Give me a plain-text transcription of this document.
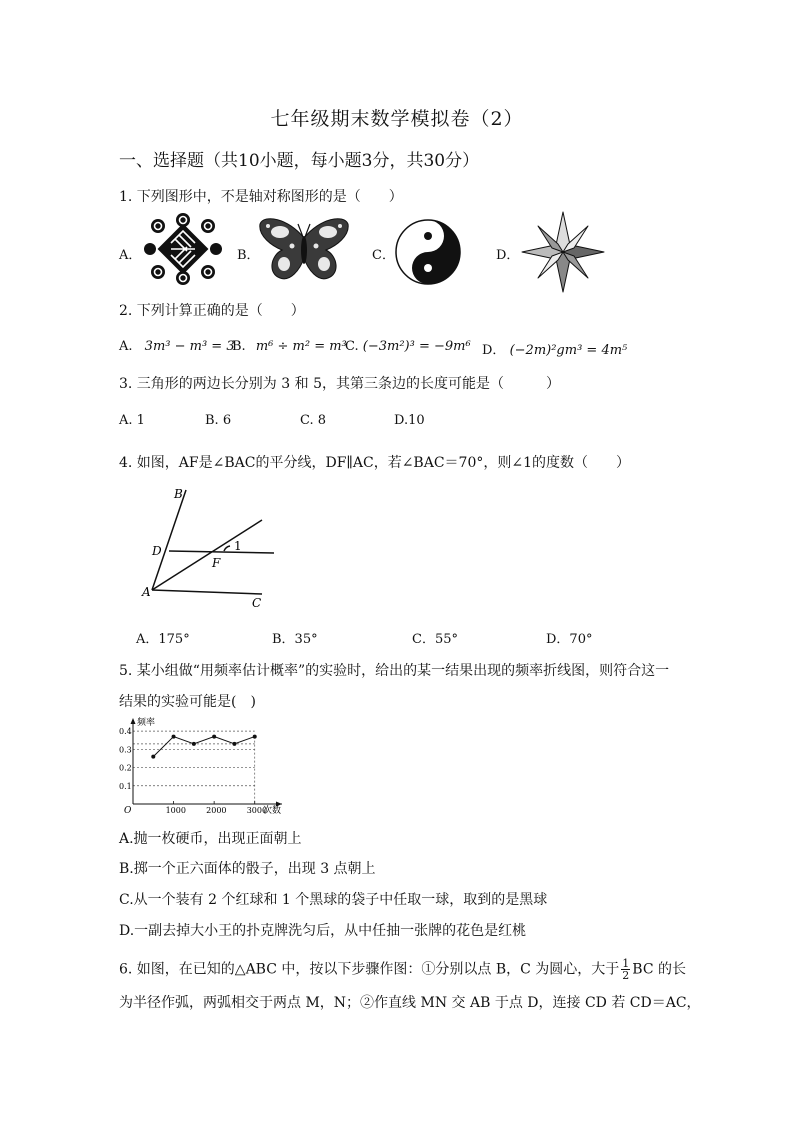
七年级期末数学模拟卷（2）
一、选择题（共10小题，每小题3分，共30分）
1. 下列图形中，不是轴对称图形的是（　　）
A．	B．	C．	D．
2. 下列计算正确的是（　　）
A. 3m³ − m³ = 3
B. m⁶ ÷ m² = m³
C. (−3m²)³ = −9m⁶ D． (−2m)²gm³ = 4m⁵
3. 三角形的两边长分别为 3 和 5，其第三条边的长度可能是（　　　）
A. 1	B. 6	C. 8	D.10
4. 如图，AF是∠BAC的平分线，DF∥AC，若∠BAC＝70°，则∠1的度数（　　）
B
D
F
1
A
C
A．175°	B．35°	C．55°	D．70°
5. 某小组做“用频率估计概率”的实验时，给出的某一结果出现的频率折线图，则符合这一
结果的实验可能是(　)
频率
次数
O
0.1
0.2
0.3
0.4
1000	2000	3000
A.抛一枚硬币，出现正面朝上
B.掷一个正六面体的骰子，出现 3 点朝上
C.从一个装有 2 个红球和 1 个黑球的袋子中任取一球，取到的是黑球
D.一副去掉大小王的扑克牌洗匀后，从中任抽一张牌的花色是红桃
6. 如图，在已知的△ABC 中，按以下步骤作图：①分别以点 B，C 为圆心，大于 $\frac{1}{2}$ BC 的长
为半径作弧，两弧相交于两点 M，N；②作直线 MN 交 AB 于点 D，连接 CD 若 CD＝AC，
